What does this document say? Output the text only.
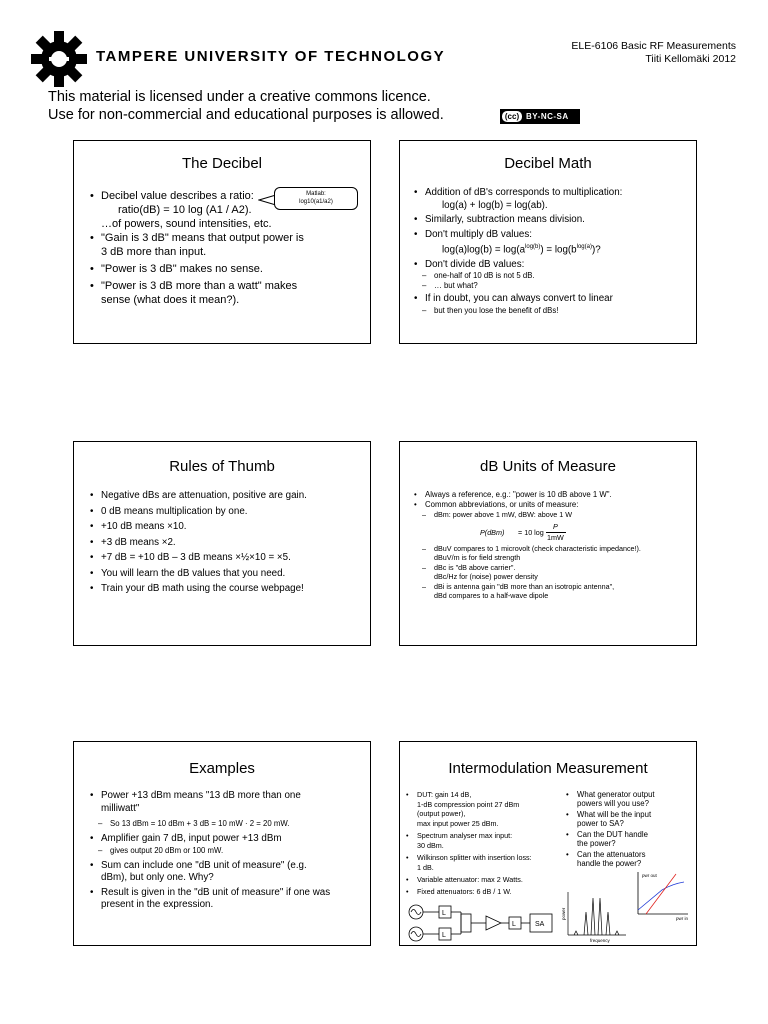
TAMPERE UNIVERSITY OF TECHNOLOGY
ELE-6106 Basic RF Measurements
Tiiti Kellomäki 2012
This material is licensed under a creative commons licence.
Use for non-commercial and educational purposes is allowed.	(cc) BY-NC-SA
The Decibel
• Decibel value describes a ratio:
ratio(dB) = 10 log (A1 / A2).
…of powers, sound intensities, etc.
• "Gain is 3 dB" means that output power is
3 dB more than input.
• "Power is 3 dB" makes no sense.
• "Power is 3 dB more than a watt" makes
sense (what does it mean?).
Matlab:
log10(a1/a2)
Decibel Math
• Addition of dB's corresponds to multiplication:
log(a) + log(b) = log(ab).
• Similarly, subtraction means division.
• Don't multiply dB values:
$\log(a)\log(b) = \log(a^{log(b)}) = \log(b^{log(a)})$?
• Don't divide dB values:
– one-half of 10 dB is not 5 dB.
– … but what?
• If in doubt, you can always convert to linear
– but then you lose the benefit of dBs!
Rules of Thumb
• Negative dBs are attenuation, positive are gain.
• 0 dB means multiplication by one.
• +10 dB means ×10.
• +3 dB means ×2.
• +7 dB = +10 dB – 3 dB means ×½×10 = ×5.
• You will learn the dB values that you need.
• Train your dB math using the course webpage!
dB Units of Measure
• Always a reference, e.g.: "power is 10 dB above 1 W".
• Common abbreviations, or units of measure:
– dBm: power above 1 mW, dBW: above 1 W
P(dBm) = 10 log
P
1mW
– dBuV compares to 1 microvolt (check characteristic impedance!).
dBuV/m is for field strength
– dBc is "dB above carrier".
dBc/Hz for (noise) power density
– dBi is antenna gain "dB more than an isotropic antenna",
dBd compares to a half-wave dipole
Examples
• Power +13 dBm means "13 dB more than one
milliwatt"
– So 13 dBm = 10 dBm + 3 dB = 10 mW · 2 = 20 mW.
• Amplifier gain 7 dB, input power +13 dBm
– gives output 20 dBm or 100 mW.
• Sum can include one "dB unit of measure" (e.g.
dBm), but only one. Why?
• Result is given in the "dB unit of measure" if one was
present in the expression.
Intermodulation Measurement
• DUT: gain 14 dB,
1-dB compression point 27 dBm
(output power),
max input power 25 dBm.
• Spectrum analyser max input:
30 dBm.
• Wilkinson splitter with insertion loss:
1 dB.
• Variable attenuator: max 2 Watts.
• Fixed attenuators: 6 dB / 1 W.
• What generator output
powers will you use?
• What will be the input
power to SA?
• Can the DUT handle
the power?
• Can the attenuators
handle the power?
L
L
L	SA
power
frequency
pwr out
pwr in
